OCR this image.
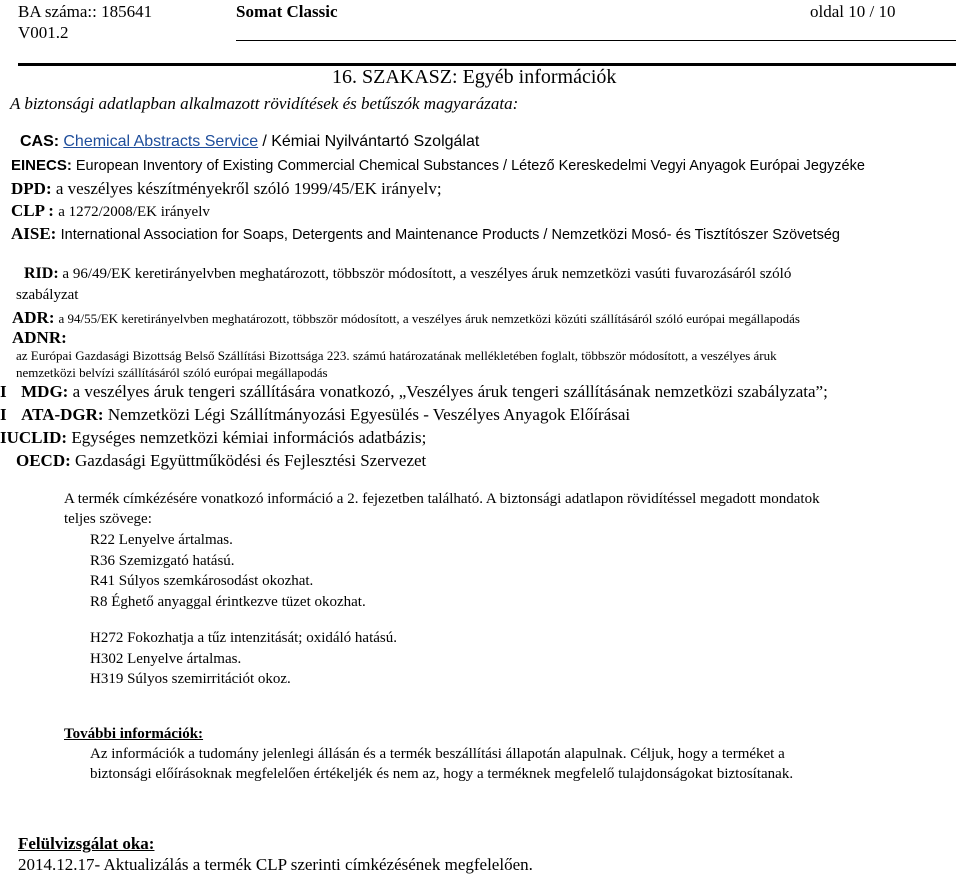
BA száma:: 185641
V001.2
Somat Classic	oldal 10 / 10
16. SZAKASZ: Egyéb információk
A biztonsági adatlapban alkalmazott rövidítések és betűszók magyarázata:
CAS: Chemical Abstracts Service / Kémiai Nyilvántartó Szolgálat
EINECS: European Inventory of Existing Commercial Chemical Substances / Létező Kereskedelmi Vegyi Anyagok Európai Jegyzéke
DPD: a veszélyes készítményekről szóló 1999/45/EK irányelv;
CLP : a 1272/2008/EK irányelv
AISE: International Association for Soaps, Detergents and Maintenance Products / Nemzetközi Mosó- és Tisztítószer Szövetség
RID: a 96/49/EK keretirányelvben meghatározott, többször módosított, a veszélyes áruk nemzetközi vasúti fuvarozásáról szóló
szabályzat
ADR: a 94/55/EK keretirányelvben meghatározott, többször módosított, a veszélyes áruk nemzetközi közúti szállításáról szóló európai megállapodás
ADNR:
az Európai Gazdasági Bizottság Belső Szállítási Bizottsága 223. számú határozatának mellékletében foglalt, többször módosított, a veszélyes áruk
nemzetközi belvízi szállításáról szóló európai megállapodás
I MDG: a veszélyes áruk tengeri szállítására vonatkozó, „Veszélyes áruk tengeri szállításának nemzetközi szabályzata”;
I ATA-DGR: Nemzetközi Légi Szállítmányozási Egyesülés - Veszélyes Anyagok Előírásai
IUCLID: Egységes nemzetközi kémiai információs adatbázis;
OECD: Gazdasági Együttműködési és Fejlesztési Szervezet
A termék címkézésére vonatkozó információ a 2. fejezetben található. A biztonsági adatlapon rövidítéssel megadott mondatok
teljes szövege:
R22 Lenyelve ártalmas.
R36 Szemizgató hatású.
R41 Súlyos szemkárosodást okozhat.
R8 Éghető anyaggal érintkezve tüzet okozhat.
H272 Fokozhatja a tűz intenzitását; oxidáló hatású.
H302 Lenyelve ártalmas.
H319 Súlyos szemirritációt okoz.
További információk:
Az információk a tudomány jelenlegi állásán és a termék beszállítási állapotán alapulnak. Céljuk, hogy a terméket a
biztonsági előírásoknak megfelelően értékeljék és nem az, hogy a terméknek megfelelő tulajdonságokat biztosítanak.
Felülvizsgálat oka:
2014.12.17- Aktualizálás a termék CLP szerinti címkézésének megfelelően.
